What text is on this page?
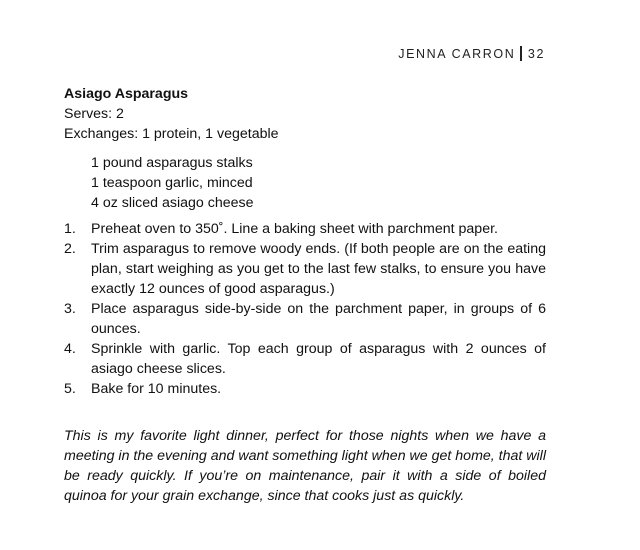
JENNA CARRON 32

Asiago Asparagus

Serves: 2

Exchanges: 1 protein, 1 vegetable

1 pound asparagus stalks
1 teaspoon garlic, minced
4 oz sliced asiago cheese
1.	Preheat oven to 350˚. Line a baking sheet with parchment paper.
2.	Trim asparagus to remove woody ends. (If both people are on the eating plan, start weighing as you get to the last few stalks, to ensure you have exactly 12 ounces of good asparagus.)
3.	Place asparagus side-by-side on the parchment paper, in groups of 6 ounces.
4.	Sprinkle with garlic. Top each group of asparagus with 2 ounces of asiago cheese slices.
5.	Bake for 10 minutes.

This is my favorite light dinner, perfect for those nights when we have a meeting in the evening and want something light when we get home, that will be ready quickly. If you’re on maintenance, pair it with a side of boiled quinoa for your grain exchange, since that cooks just as quickly.
